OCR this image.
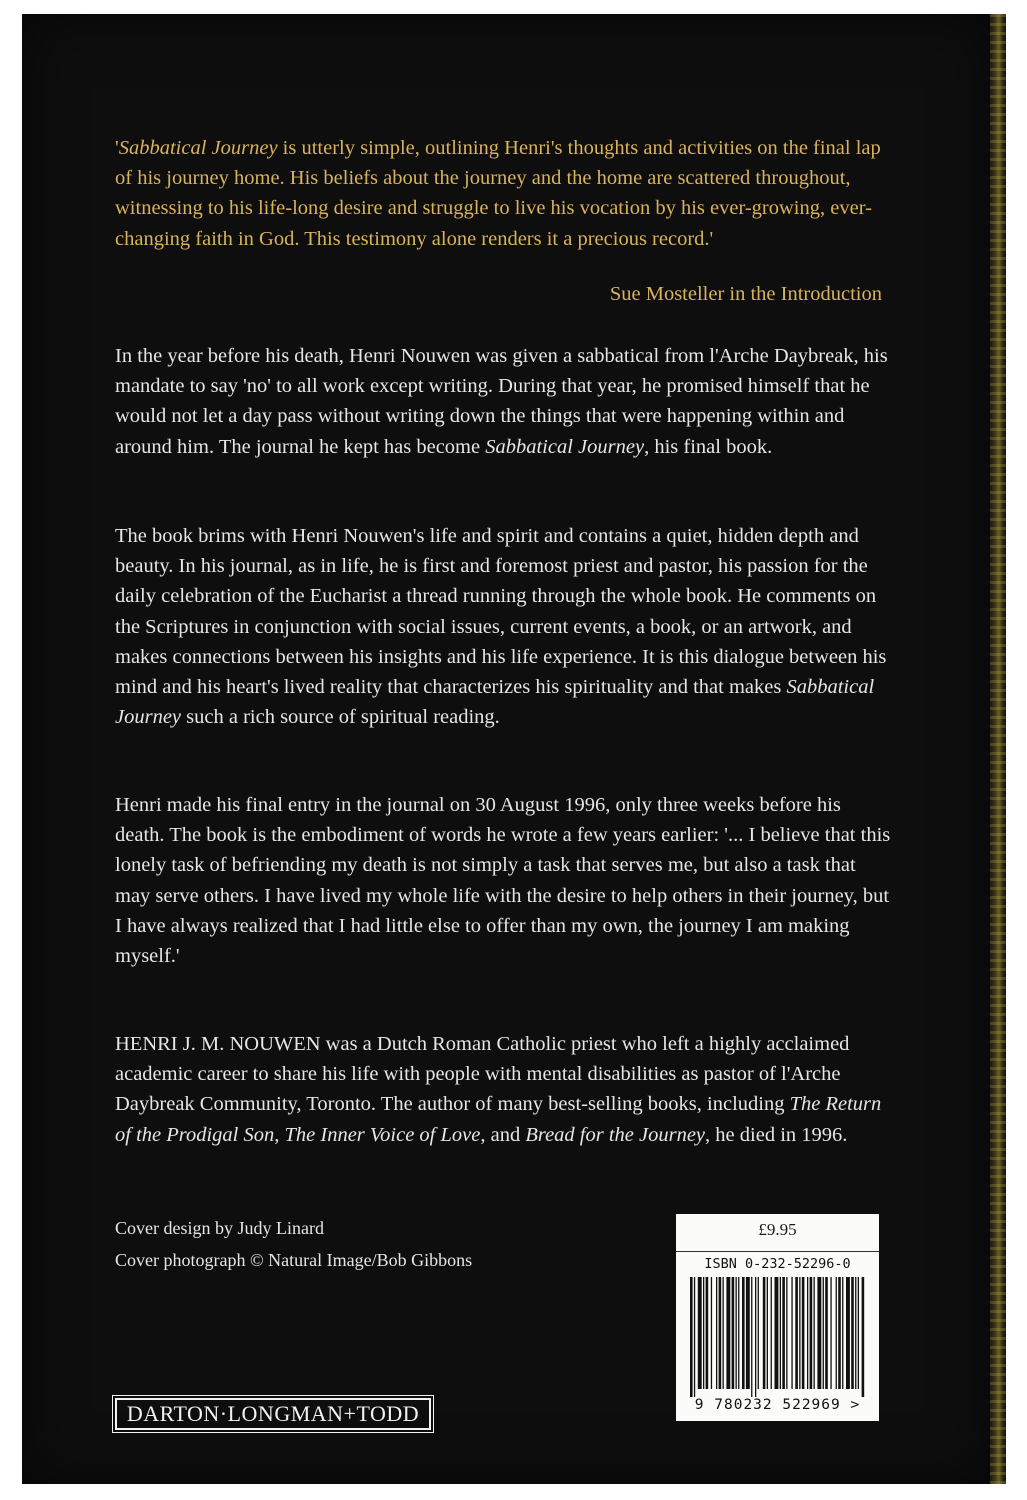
'Sabbatical Journey is utterly simple, outlining Henri's thoughts and activities on the final lap of his journey home. His beliefs about the journey and the home are scattered throughout, witnessing to his life-long desire and struggle to live his vocation by his ever-growing, ever-changing faith in God. This testimony alone renders it a precious record.'

Sue Mosteller in the Introduction

In the year before his death, Henri Nouwen was given a sabbatical from l'Arche Daybreak, his mandate to say 'no' to all work except writing. During that year, he promised himself that he would not let a day pass without writing down the things that were happening within and around him. The journal he kept has become Sabbatical Journey, his final book.

The book brims with Henri Nouwen's life and spirit and contains a quiet, hidden depth and beauty. In his journal, as in life, he is first and foremost priest and pastor, his passion for the daily celebration of the Eucharist a thread running through the whole book. He comments on the Scriptures in conjunction with social issues, current events, a book, or an artwork, and makes connections between his insights and his life experience. It is this dialogue between his mind and his heart's lived reality that characterizes his spirituality and that makes Sabbatical Journey such a rich source of spiritual reading.

Henri made his final entry in the journal on 30 August 1996, only three weeks before his death. The book is the embodiment of words he wrote a few years earlier: '... I believe that this lonely task of befriending my death is not simply a task that serves me, but also a task that may serve others. I have lived my whole life with the desire to help others in their journey, but I have always realized that I had little else to offer than my own, the journey I am making myself.'

HENRI J. M. NOUWEN was a Dutch Roman Catholic priest who left a highly acclaimed academic career to share his life with people with mental disabilities as pastor of l'Arche Daybreak Community, Toronto. The author of many best-selling books, including The Return of the Prodigal Son, The Inner Voice of Love, and Bread for the Journey, he died in 1996.

Cover design by Judy Linard
Cover photograph © Natural Image/Bob Gibbons
DARTON·LONGMAN+TODD
£9.95
ISBN 0-232-52296-0
9 780232 522969 >
